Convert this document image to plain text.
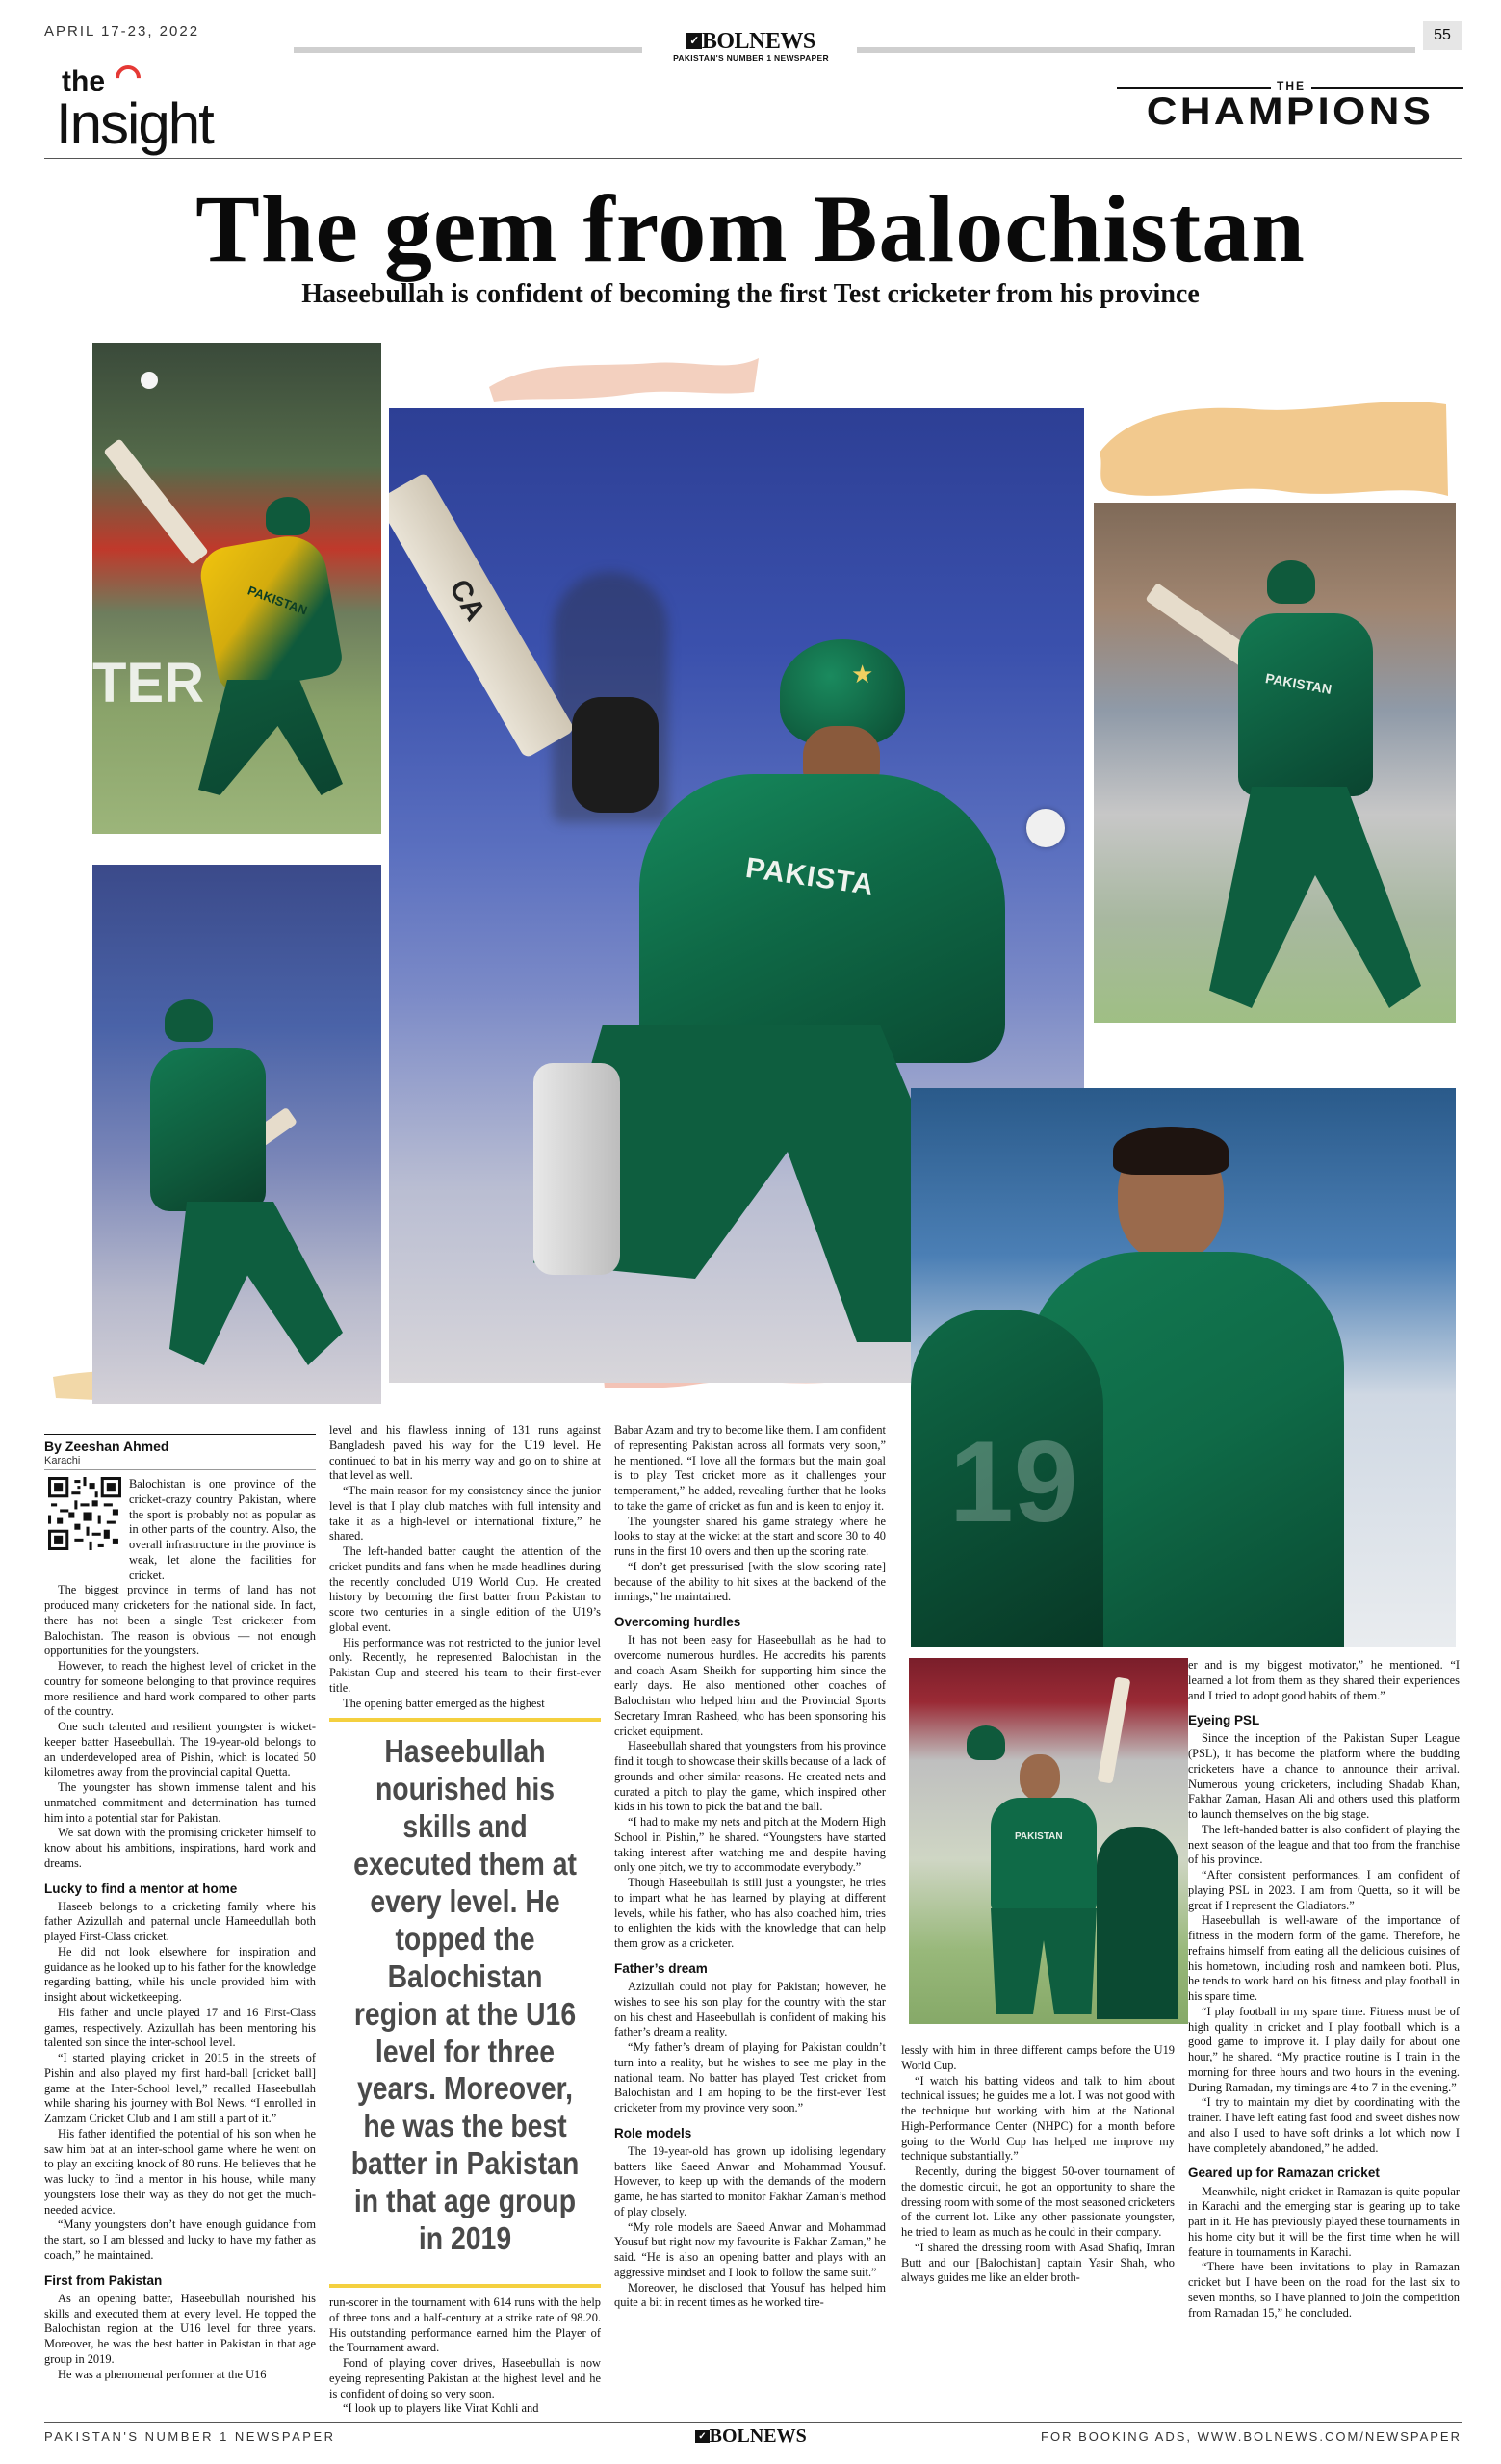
APRIL 17-23, 2022
✓ BOLNEWS
PAKISTAN'S NUMBER 1 NEWSPAPER
55
the
Insight
THE
CHAMPIONS
The gem from Balochistan
Haseebullah is confident of becoming the first Test cricketer from his province
TER
PAKISTAN	CA
★
PAKISTA
PAKISTAN
19
PAKISTAN
By Zeeshan Ahmed
Karachi

Balochistan is one province of the cricket-crazy country Pakistan, where the sport is probably not as popular as in other parts of the country. Also, the overall infrastructure in the province is weak, let alone the facilities for cricket.

The biggest province in terms of land has not produced many cricketers for the national side. In fact, there has not been a single Test cricketer from Balochistan. The reason is obvious — not enough opportunities for the youngsters.

However, to reach the highest level of cricket in the country for someone belonging to that province requires more resilience and hard work compared to other parts of the country.

One such talented and resilient youngster is wicket-keeper batter Haseebullah. The 19-year-old belongs to an underdeveloped area of Pishin, which is located 50 kilometres away from the provincial capital Quetta.

The youngster has shown immense talent and his unmatched commitment and determination has turned him into a potential star for Pakistan.

We sat down with the promising cricketer himself to know about his ambitions, inspirations, hard work and dreams.

Lucky to find a mentor at home

Haseeb belongs to a cricketing family where his father Azizullah and paternal uncle Hameedullah both played First-Class cricket.

He did not look elsewhere for inspiration and guidance as he looked up to his father for the knowledge regarding batting, while his uncle provided him with insight about wicketkeeping.

His father and uncle played 17 and 16 First-Class games, respectively. Azizullah has been mentoring his talented son since the inter-school level.

“I started playing cricket in 2015 in the streets of Pishin and also played my first hard-ball [cricket ball] game at the Inter-School level,” recalled Haseebullah while sharing his journey with Bol News. “I enrolled in Zamzam Cricket Club and I am still a part of it.”

His father identified the potential of his son when he saw him bat at an inter-school game where he went on to play an exciting knock of 80 runs. He believes that he was lucky to find a mentor in his house, while many youngsters lose their way as they do not get the much-needed advice.

“Many youngsters don’t have enough guidance from the start, so I am blessed and lucky to have my father as coach,” he maintained.

First from Pakistan

As an opening batter, Haseebullah nourished his skills and executed them at every level. He topped the Balochistan region at the U16 level for three years. Moreover, he was the best batter in Pakistan in that age group in 2019.

He was a phenomenal performer at the U16

level and his flawless inning of 131 runs against Bangladesh paved his way for the U19 level. He continued to bat in his merry way and go on to shine at that level as well.

“The main reason for my consistency since the junior level is that I play club matches with full intensity and take it as a high-level or international fixture,” he shared.

The left-handed batter caught the attention of the cricket pundits and fans when he made headlines during the recently concluded U19 World Cup. He created history by becoming the first batter from Pakistan to score two centuries in a single edition of the U19’s global event.

His performance was not restricted to the junior level only. Recently, he represented Balochistan in the Pakistan Cup and steered his team to their first-ever title.

The opening batter emerged as the highest

Haseebullah nourished his skills and executed them at every level. He topped the Balochistan region at the U16 level for three years. Moreover, he was the best batter in Pakistan in that age group in 2019

run-scorer in the tournament with 614 runs with the help of three tons and a half-century at a strike rate of 98.20. His outstanding performance earned him the Player of the Tournament award.

Fond of playing cover drives, Haseebullah is now eyeing representing Pakistan at the highest level and he is confident of doing so very soon.

“I look up to players like Virat Kohli and

Babar Azam and try to become like them. I am confident of representing Pakistan across all formats very soon,” he mentioned. “I love all the formats but the main goal is to play Test cricket more as it challenges your temperament,” he added, revealing further that he looks to take the game of cricket as fun and is keen to enjoy it.

The youngster shared his game strategy where he looks to stay at the wicket at the start and score 30 to 40 runs in the first 10 overs and then up the scoring rate.

“I don’t get pressurised [with the slow scoring rate] because of the ability to hit sixes at the backend of the innings,” he maintained.

Overcoming hurdles

It has not been easy for Haseebullah as he had to overcome numerous hurdles. He accredits his parents and coach Asam Sheikh for supporting him since the early days. He also mentioned other coaches of Balochistan who helped him and the Provincial Sports Secretary Imran Rasheed, who has been sponsoring his cricket equipment.

Haseebullah shared that youngsters from his province find it tough to showcase their skills because of a lack of grounds and other similar reasons. He created nets and curated a pitch to play the game, which inspired other kids in his town to pick the bat and the ball.

“I had to make my nets and pitch at the Modern High School in Pishin,” he shared. “Youngsters have started taking interest after watching me and despite having only one pitch, we try to accommodate everybody.”

Though Haseebullah is still just a youngster, he tries to impart what he has learned by playing at different levels, while his father, who has also coached him, tries to enlighten the kids with the knowledge that can help them grow as a cricketer.

Father’s dream

Azizullah could not play for Pakistan; however, he wishes to see his son play for the country with the star on his chest and Haseebullah is confident of making his father’s dream a reality.

“My father’s dream of playing for Pakistan couldn’t turn into a reality, but he wishes to see me play in the national team. No batter has played Test cricket from Balochistan and I am hoping to be the first-ever Test cricketer from my province very soon.”

Role models

The 19-year-old has grown up idolising legendary batters like Saeed Anwar and Mohammad Yousuf. However, to keep up with the demands of the modern game, he has started to monitor Fakhar Zaman’s method of play closely.

“My role models are Saeed Anwar and Mohammad Yousuf but right now my favourite is Fakhar Zaman,” he said. “He is also an opening batter and plays with an aggressive mindset and I look to follow the same suit.”

Moreover, he disclosed that Yousuf has helped him quite a bit in recent times as he worked tire-

lessly with him in three different camps before the U19 World Cup.

“I watch his batting videos and talk to him about technical issues; he guides me a lot. I was not good with the technique but working with him at the National High-Performance Center (NHPC) for a month before going to the World Cup has helped me improve my technique substantially.”

Recently, during the biggest 50-over tournament of the domestic circuit, he got an opportunity to share the dressing room with some of the most seasoned cricketers of the current lot. Like any other passionate youngster, he tried to learn as much as he could in their company.

“I shared the dressing room with Asad Shafiq, Imran Butt and our [Balochistan] captain Yasir Shah, who always guides me like an elder broth-

er and is my biggest motivator,” he mentioned. “I learned a lot from them as they shared their experiences and I tried to adopt good habits of them.”

Eyeing PSL

Since the inception of the Pakistan Super League (PSL), it has become the platform where the budding cricketers have a chance to announce their arrival. Numerous young cricketers, including Shadab Khan, Fakhar Zaman, Hasan Ali and others used this platform to launch themselves on the big stage.

The left-handed batter is also confident of playing the next season of the league and that too from the franchise of his province.

“After consistent performances, I am confident of playing PSL in 2023. I am from Quetta, so it will be great if I represent the Gladiators.”

Haseebullah is well-aware of the importance of fitness in the modern form of the game. Therefore, he refrains himself from eating all the delicious cuisines of his hometown, including rosh and namkeen boti. Plus, he tends to work hard on his fitness and play football in his spare time.

“I play football in my spare time. Fitness must be of high quality in cricket and I play football which is a good game to improve it. I play daily for about one hour,” he shared. “My practice routine is I train in the morning for three hours and two hours in the evening. During Ramadan, my timings are 4 to 7 in the evening.”

“I try to maintain my diet by coordinating with the trainer. I have left eating fast food and sweet dishes now and also I used to have soft drinks a lot which now I have completely abandoned,” he added.

Geared up for Ramazan cricket

Meanwhile, night cricket in Ramazan is quite popular in Karachi and the emerging star is gearing up to take part in it. He has previously played these tournaments in his home city but it will be the first time when he will feature in tournaments in Karachi.

“There have been invitations to play in Ramazan cricket but I have been on the road for the last six to seven months, so I have planned to join the competition from Ramadan 15,” he concluded.

PAKISTAN'S NUMBER 1 NEWSPAPER	✓ BOLNEWS	FOR BOOKING ADS, WWW.BOLNEWS.COM/NEWSPAPER
